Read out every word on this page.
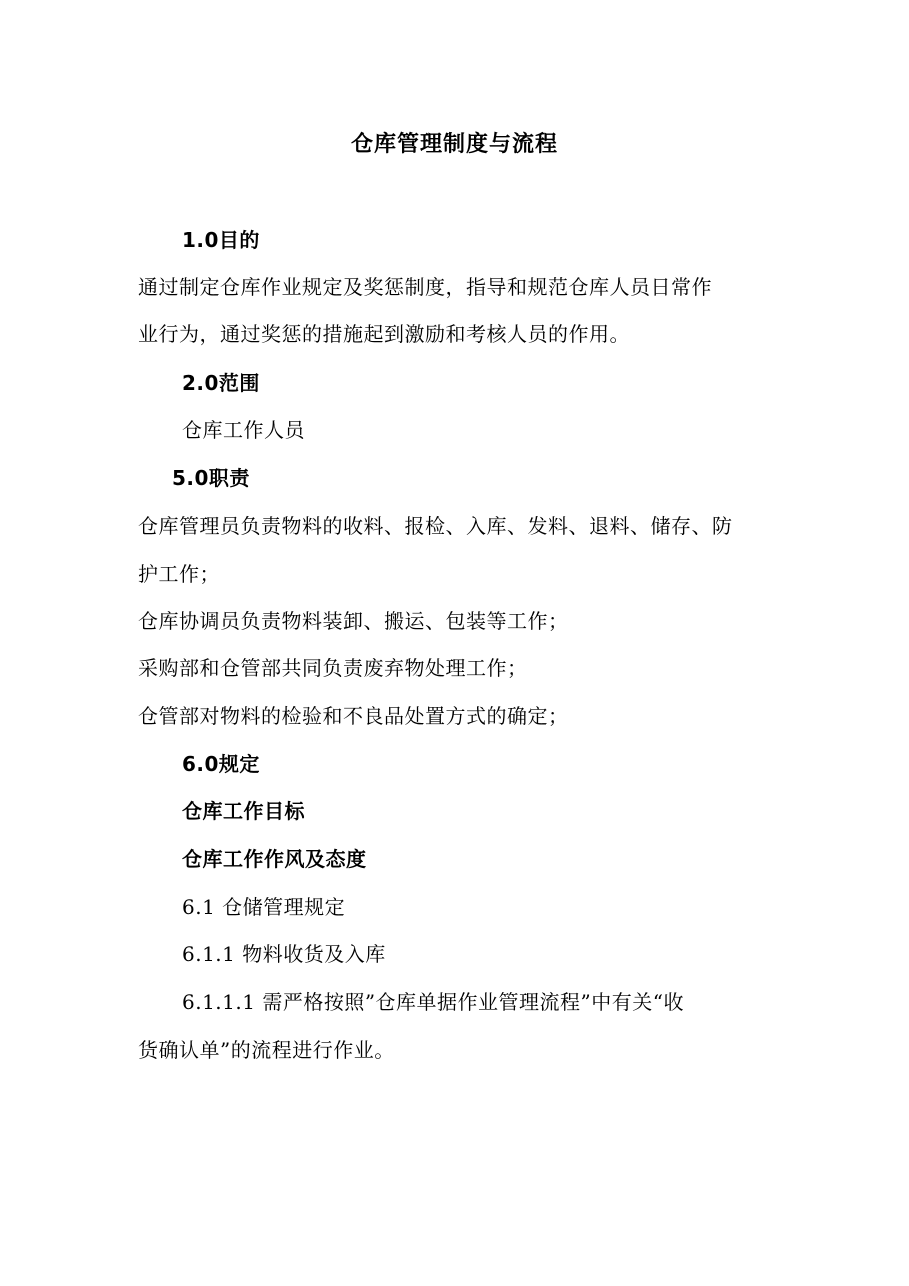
仓库管理制度与流程
1.0目的
通过制定仓库作业规定及奖惩制度，指导和规范仓库人员日常作
业行为，通过奖惩的措施起到激励和考核人员的作用。
2.0范围
仓库工作人员
5.0职责
仓库管理员负责物料的收料、报检、入库、发料、退料、储存、防
护工作；
仓库协调员负责物料装卸、搬运、包装等工作；
采购部和仓管部共同负责废弃物处理工作；
仓管部对物料的检验和不良品处置方式的确定；
6.0规定
仓库工作目标
仓库工作作风及态度
6.1 仓储管理规定
6.1.1 物料收货及入库
6.1.1.1 需严格按照”仓库单据作业管理流程”中有关“收
货确认单”的流程进行作业。
